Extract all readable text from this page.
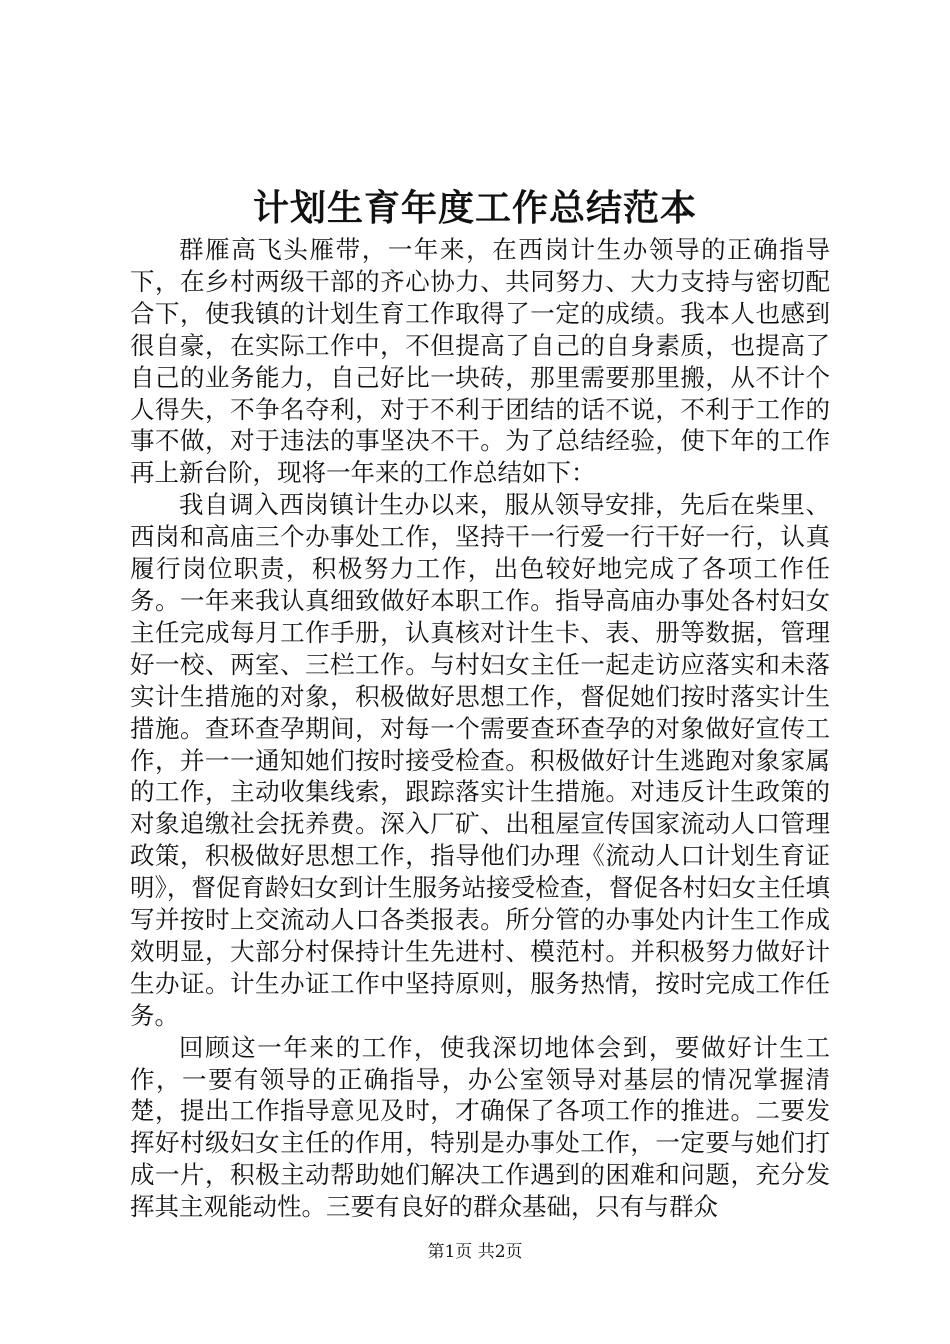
计划生育年度工作总结范本

群雁高飞头雁带，一年来，在西岗计生办领导的正确指导下，在乡村两级干部的齐心协力、共同努力、大力支持与密切配合下，使我镇的计划生育工作取得了一定的成绩。我本人也感到很自豪，在实际工作中，不但提高了自己的自身素质，也提高了自己的业务能力，自己好比一块砖，那里需要那里搬，从不计个人得失，不争名夺利，对于不利于团结的话不说，不利于工作的事不做，对于违法的事坚决不干。为了总结经验，使下年的工作再上新台阶，现将一年来的工作总结如下：

我自调入西岗镇计生办以来，服从领导安排，先后在柴里、西岗和高庙三个办事处工作，坚持干一行爱一行干好一行，认真履行岗位职责，积极努力工作，出色较好地完成了各项工作任务。一年来我认真细致做好本职工作。指导高庙办事处各村妇女主任完成每月工作手册，认真核对计生卡、表、册等数据，管理好一校、两室、三栏工作。与村妇女主任一起走访应落实和未落实计生措施的对象，积极做好思想工作，督促她们按时落实计生措施。查环查孕期间，对每一个需要查环查孕的对象做好宣传工作，并一一通知她们按时接受检查。积极做好计生逃跑对象家属的工作，主动收集线索，跟踪落实计生措施。对违反计生政策的对象追缴社会抚养费。深入厂矿、出租屋宣传国家流动人口管理政策，积极做好思想工作，指导他们办理《流动人口计划生育证明》，督促育龄妇女到计生服务站接受检查，督促各村妇女主任填写并按时上交流动人口各类报表。所分管的办事处内计生工作成效明显，大部分村保持计生先进村、模范村。并积极努力做好计生办证。计生办证工作中坚持原则，服务热情，按时完成工作任务。

回顾这一年来的工作，使我深切地体会到，要做好计生工作，一要有领导的正确指导，办公室领导对基层的情况掌握清楚，提出工作指导意见及时，才确保了各项工作的推进。二要发挥好村级妇女主任的作用，特别是办事处工作，一定要与她们打成一片，积极主动帮助她们解决工作遇到的困难和问题，充分发挥其主观能动性。三要有良好的群众基础，只有与群众

第1页 共2页
